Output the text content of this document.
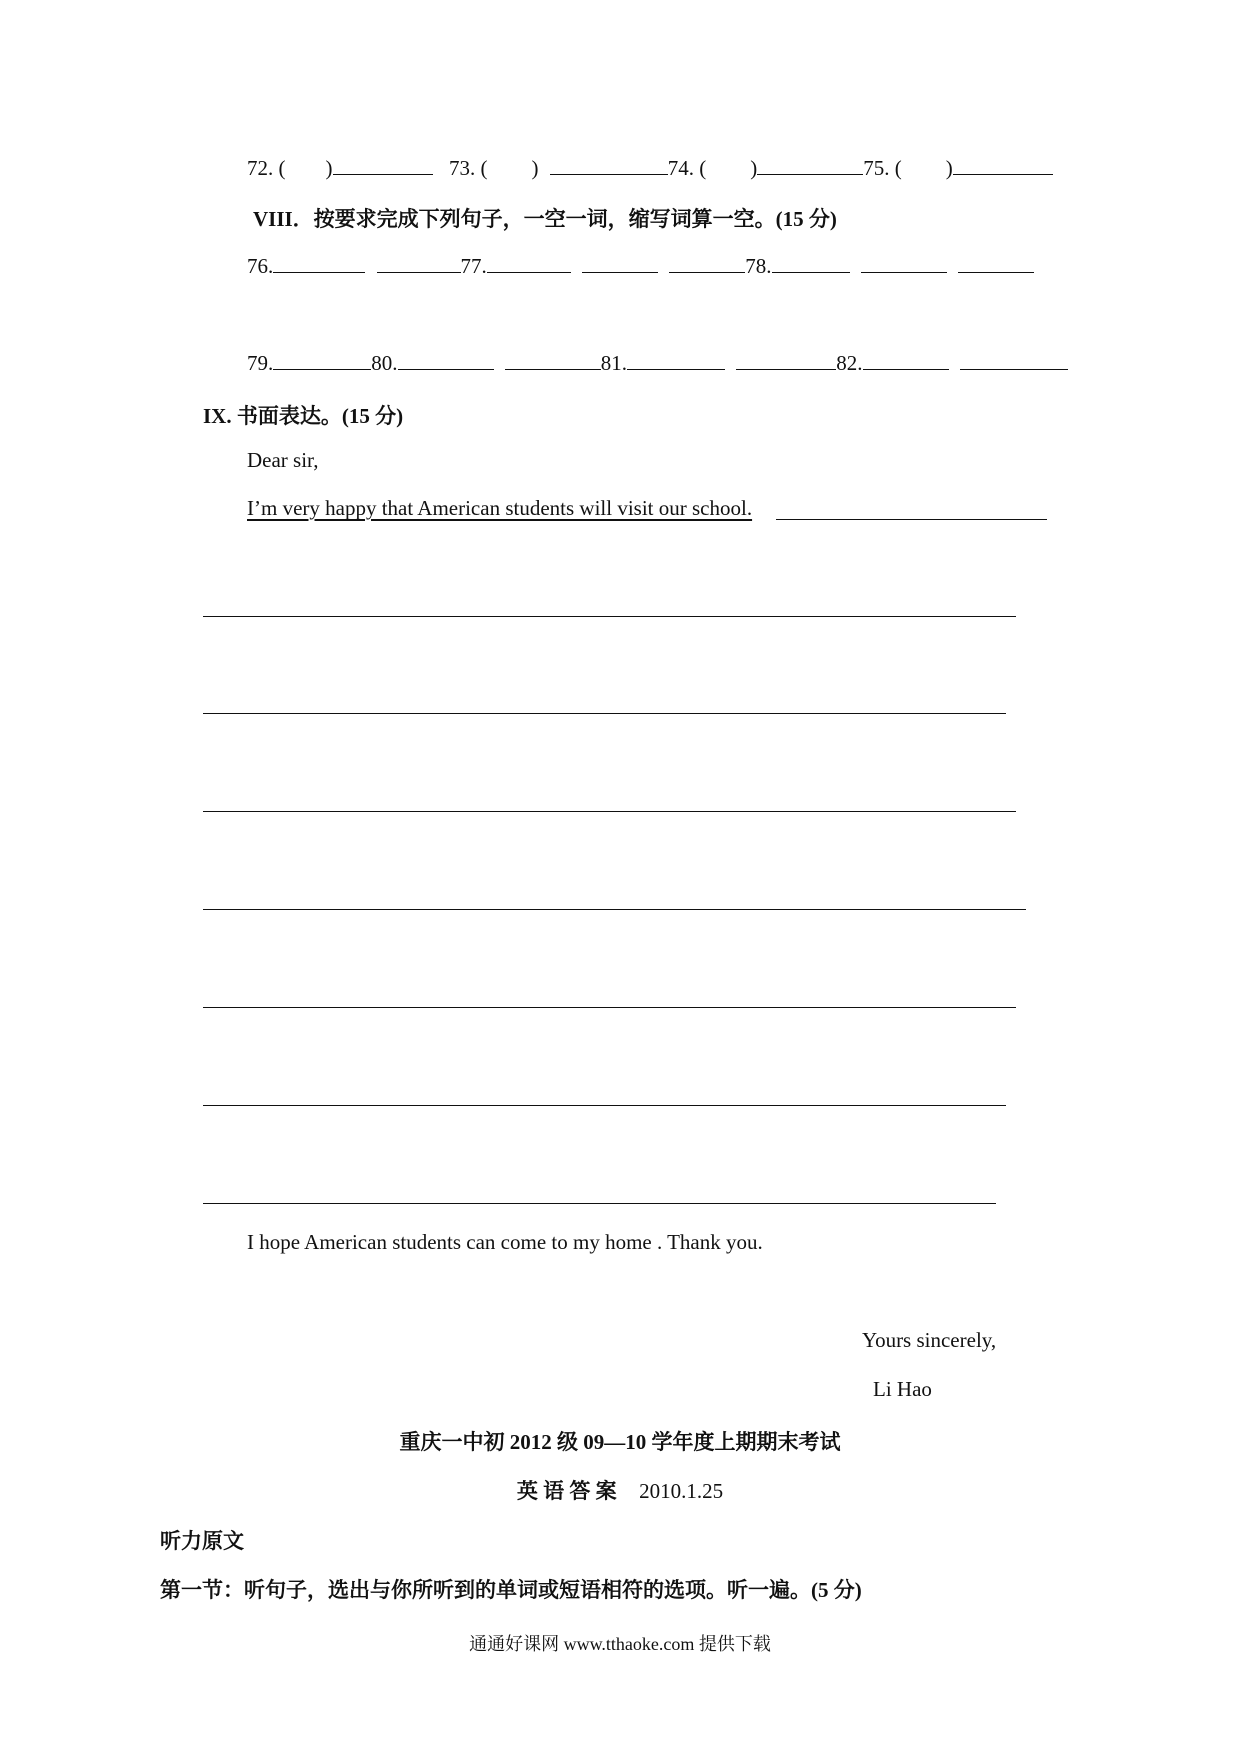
72. ( )	73. ( )	74. ( )	75. ( )
VIII．按要求完成下列句子，一空一词，缩写词算一空。(15 分)
76.	77.	78.
79.	80.	81.	82.
IX. 书面表达。(15 分)
Dear sir,
I’m very happy that American students will visit our school.
I hope American students can come to my home . Thank you.
Yours sincerely,
Li Hao
重庆一中初 2012 级 09—10 学年度上期期末考试
英 语 答 案 2010.1.25
听力原文
第一节：听句子，选出与你所听到的单词或短语相符的选项。听一遍。(5 分)
通通好课网 www.tthaoke.com 提供下载
